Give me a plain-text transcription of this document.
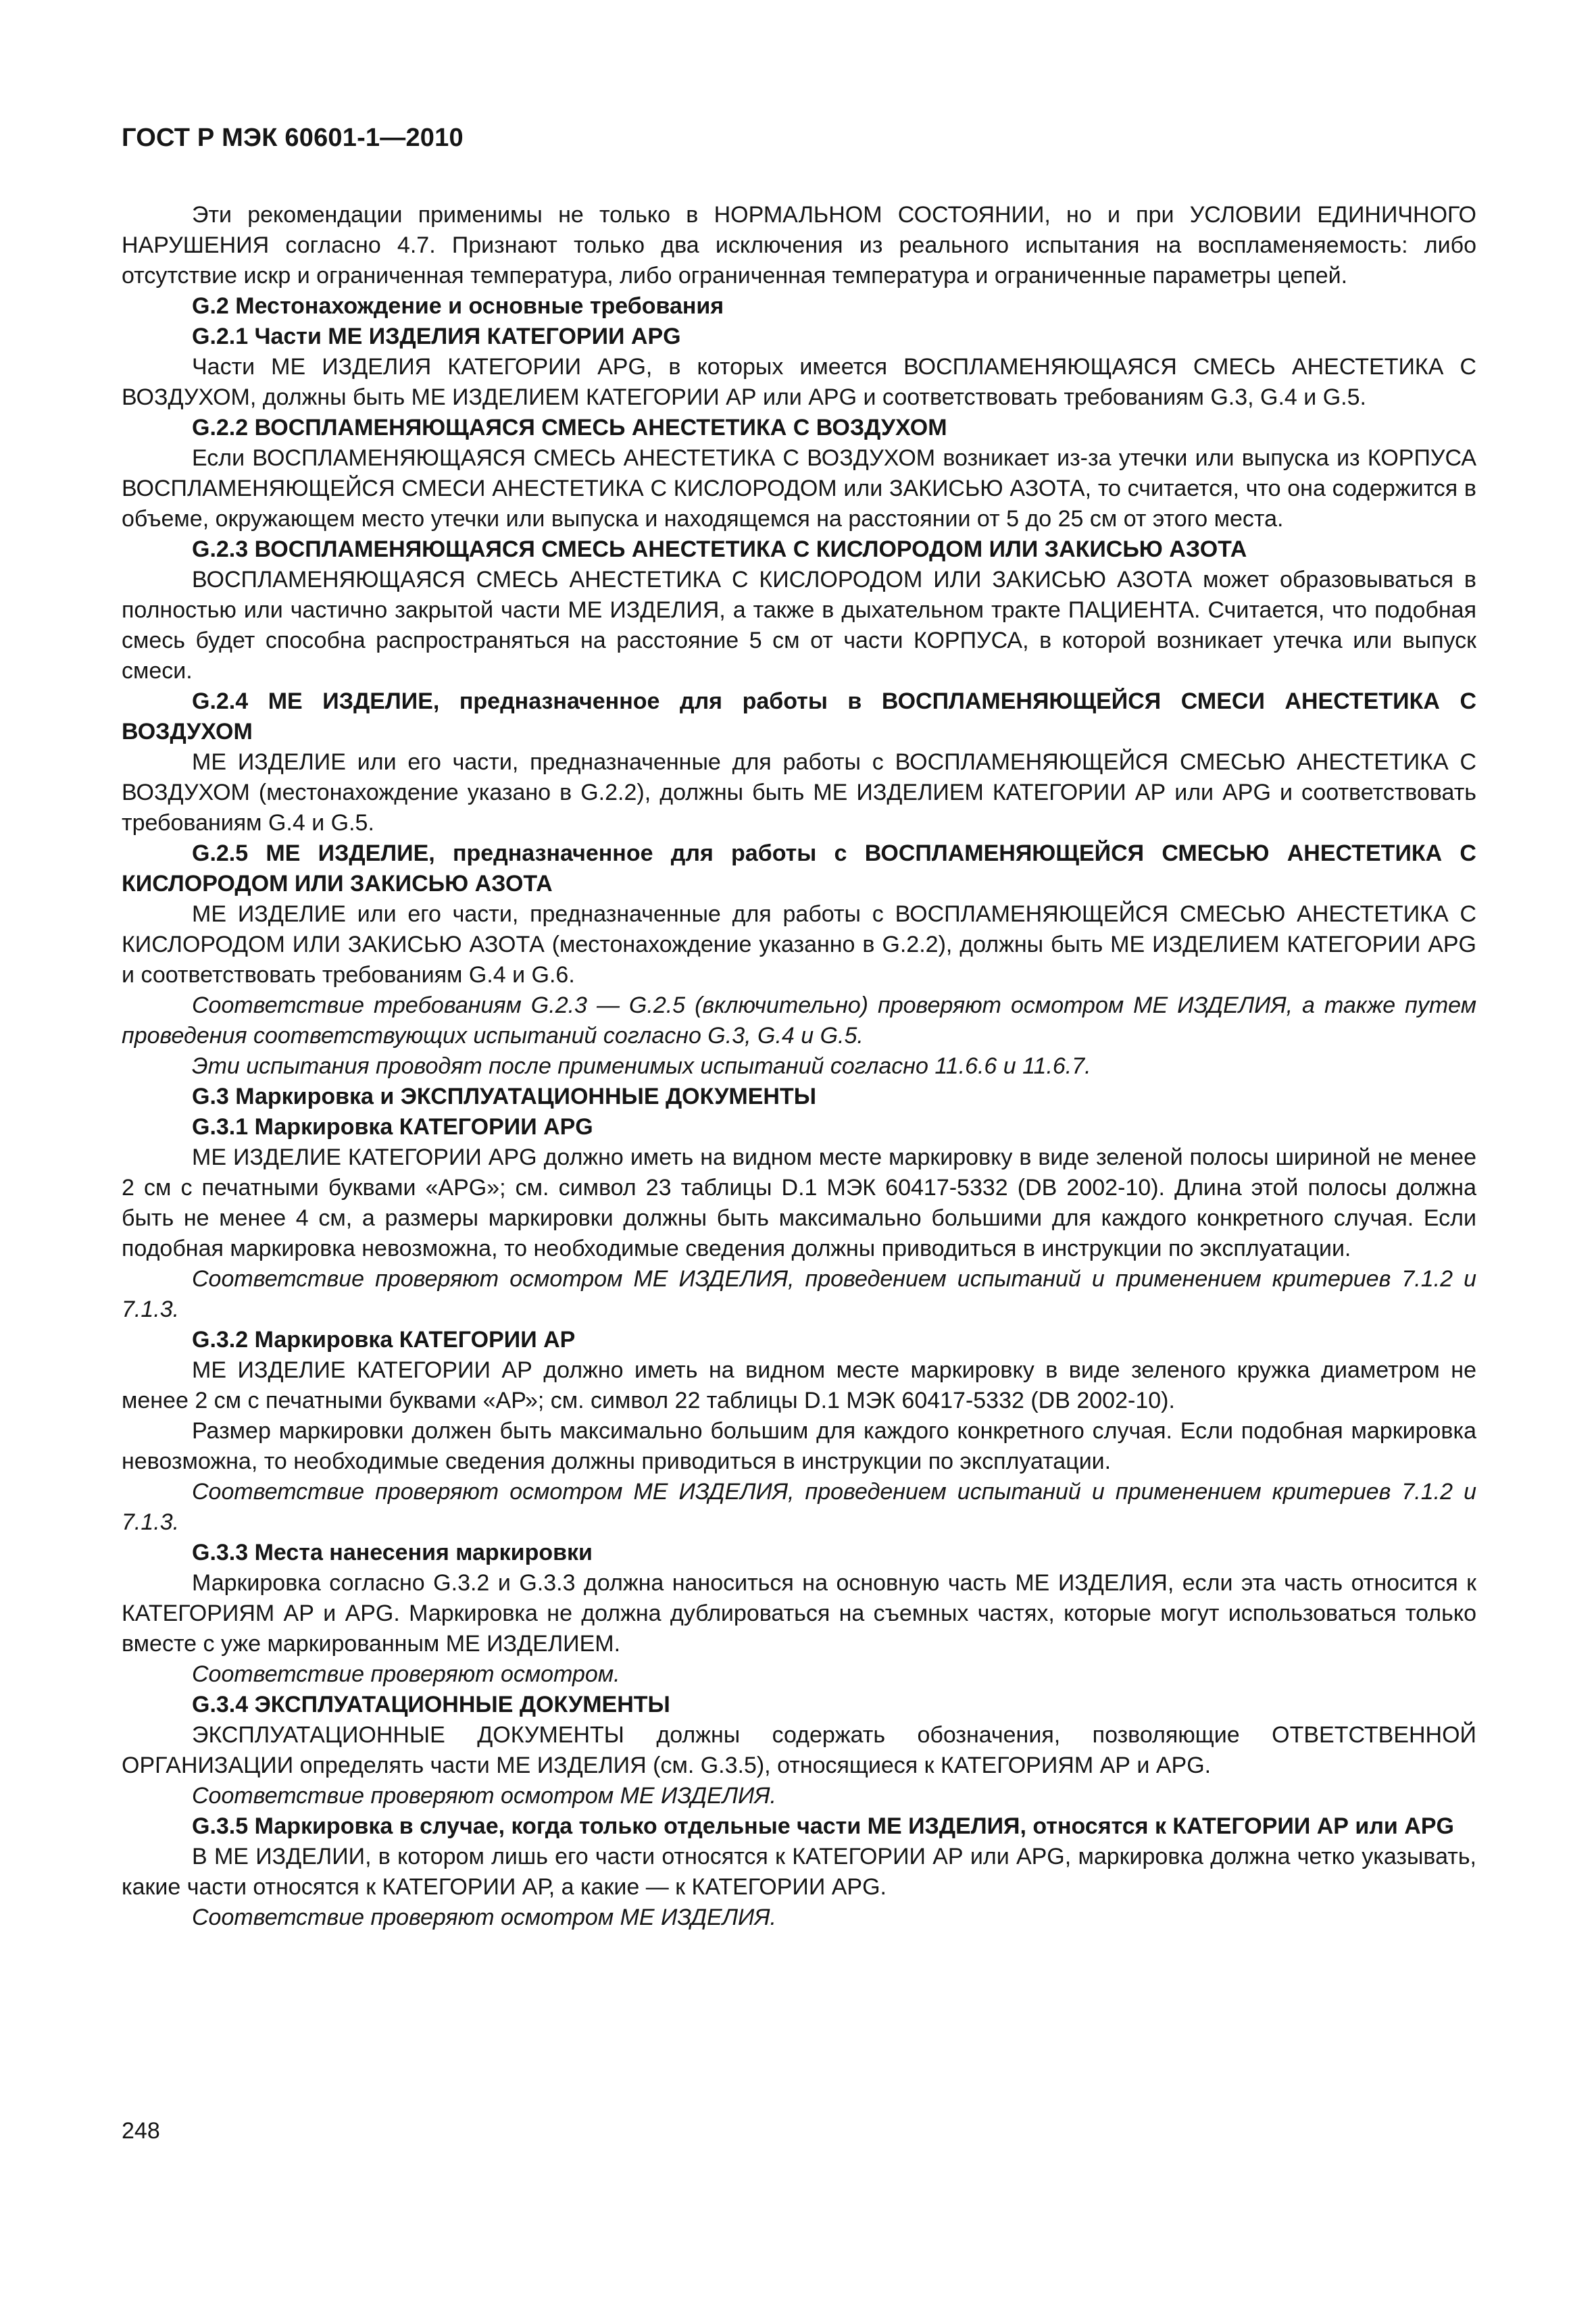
ГОСТ Р МЭК 60601-1—2010

Эти рекомендации применимы не только в НОРМАЛЬНОМ СОСТОЯНИИ, но и при УСЛОВИИ ЕДИНИЧНОГО НАРУШЕНИЯ согласно 4.7. Признают только два исключения из реального испытания на воспламеняемость: либо отсутствие искр и ограниченная температура, либо ограниченная температура и ограниченные параметры цепей.

G.2 Местонахождение и основные требования

G.2.1 Части МЕ ИЗДЕЛИЯ КАТЕГОРИИ APG

Части МЕ ИЗДЕЛИЯ КАТЕГОРИИ APG, в которых имеется ВОСПЛАМЕНЯЮЩАЯСЯ СМЕСЬ АНЕСТЕТИКА С ВОЗДУХОМ, должны быть МЕ ИЗДЕЛИЕМ КАТЕГОРИИ АР или APG и соответствовать требованиям G.3, G.4 и G.5.

G.2.2 ВОСПЛАМЕНЯЮЩАЯСЯ СМЕСЬ АНЕСТЕТИКА С ВОЗДУХОМ

Если ВОСПЛАМЕНЯЮЩАЯСЯ СМЕСЬ АНЕСТЕТИКА С ВОЗДУХОМ возникает из-за утечки или выпуска из КОРПУСА ВОСПЛАМЕНЯЮЩЕЙСЯ СМЕСИ АНЕСТЕТИКА С КИСЛОРОДОМ или ЗАКИСЬЮ АЗОТА, то считается, что она содержится в объеме, окружающем место утечки или выпуска и находящемся на расстоянии от 5 до 25 см от этого места.

G.2.3 ВОСПЛАМЕНЯЮЩАЯСЯ СМЕСЬ АНЕСТЕТИКА С КИСЛОРОДОМ ИЛИ ЗАКИСЬЮ АЗОТА

ВОСПЛАМЕНЯЮЩАЯСЯ СМЕСЬ АНЕСТЕТИКА С КИСЛОРОДОМ ИЛИ ЗАКИСЬЮ АЗОТА может образовываться в полностью или частично закрытой части МЕ ИЗДЕЛИЯ, а также в дыхательном тракте ПАЦИЕНТА. Считается, что подобная смесь будет способна распространяться на расстояние 5 см от части КОРПУСА, в которой возникает утечка или выпуск смеси.

G.2.4 МЕ ИЗДЕЛИЕ, предназначенное для работы в ВОСПЛАМЕНЯЮЩЕЙСЯ СМЕСИ АНЕСТЕТИКА С ВОЗДУХОМ

МЕ ИЗДЕЛИЕ или его части, предназначенные для работы с ВОСПЛАМЕНЯЮЩЕЙСЯ СМЕСЬЮ АНЕСТЕТИКА С ВОЗДУХОМ (местонахождение указано в G.2.2), должны быть МЕ ИЗДЕЛИЕМ КАТЕГОРИИ АР или APG и соответствовать требованиям G.4 и G.5.

G.2.5 МЕ ИЗДЕЛИЕ, предназначенное для работы с ВОСПЛАМЕНЯЮЩЕЙСЯ СМЕСЬЮ АНЕСТЕТИКА С КИСЛОРОДОМ ИЛИ ЗАКИСЬЮ АЗОТА

МЕ ИЗДЕЛИЕ или его части, предназначенные для работы с ВОСПЛАМЕНЯЮЩЕЙСЯ СМЕСЬЮ АНЕСТЕТИКА С КИСЛОРОДОМ ИЛИ ЗАКИСЬЮ АЗОТА (местонахождение указанно в G.2.2), должны быть МЕ ИЗДЕЛИЕМ КАТЕГОРИИ APG и соответствовать требованиям G.4 и G.6.

Соответствие требованиям G.2.3 — G.2.5 (включительно) проверяют осмотром МЕ ИЗДЕЛИЯ, а также путем проведения соответствующих испытаний согласно G.3, G.4 и G.5.

Эти испытания проводят после применимых испытаний согласно 11.6.6 и 11.6.7.

G.3 Маркировка и ЭКСПЛУАТАЦИОННЫЕ ДОКУМЕНТЫ

G.3.1 Маркировка КАТЕГОРИИ APG

МЕ ИЗДЕЛИЕ КАТЕГОРИИ APG должно иметь на видном месте маркировку в виде зеленой полосы шириной не менее 2 см с печатными буквами «APG»; см. символ 23 таблицы D.1 МЭК 60417-5332 (DB 2002-10). Длина этой полосы должна быть не менее 4 см, а размеры маркировки должны быть максимально большими для каждого конкретного случая. Если подобная маркировка невозможна, то необходимые сведения должны приводиться в инструкции по эксплуатации.

Соответствие проверяют осмотром МЕ ИЗДЕЛИЯ, проведением испытаний и применением критериев 7.1.2 и 7.1.3.

G.3.2 Маркировка КАТЕГОРИИ АР

МЕ ИЗДЕЛИЕ КАТЕГОРИИ АР должно иметь на видном месте маркировку в виде зеленого кружка диаметром не менее 2 см с печатными буквами «АР»; см. символ 22 таблицы D.1 МЭК 60417-5332 (DB 2002-10).

Размер маркировки должен быть максимально большим для каждого конкретного случая. Если подобная маркировка невозможна, то необходимые сведения должны приводиться в инструкции по эксплуатации.

Соответствие проверяют осмотром МЕ ИЗДЕЛИЯ, проведением испытаний и применением критериев 7.1.2 и 7.1.3.

G.3.3 Места нанесения маркировки

Маркировка согласно G.3.2 и G.3.3 должна наноситься на основную часть МЕ ИЗДЕЛИЯ, если эта часть относится к КАТЕГОРИЯМ АР и APG. Маркировка не должна дублироваться на съемных частях, которые могут использоваться только вместе с уже маркированным МЕ ИЗДЕЛИЕМ.

Соответствие проверяют осмотром.

G.3.4 ЭКСПЛУАТАЦИОННЫЕ ДОКУМЕНТЫ

ЭКСПЛУАТАЦИОННЫЕ ДОКУМЕНТЫ должны содержать обозначения, позволяющие ОТВЕТСТВЕННОЙ ОРГАНИЗАЦИИ определять части МЕ ИЗДЕЛИЯ (см. G.3.5), относящиеся к КАТЕГОРИЯМ АР и APG.

Соответствие проверяют осмотром МЕ ИЗДЕЛИЯ.

G.3.5 Маркировка в случае, когда только отдельные части МЕ ИЗДЕЛИЯ, относятся к КАТЕГОРИИ АР или APG

В МЕ ИЗДЕЛИИ, в котором лишь его части относятся к КАТЕГОРИИ АР или APG, маркировка должна четко указывать, какие части относятся к КАТЕГОРИИ АР, а какие — к КАТЕГОРИИ APG.

Соответствие проверяют осмотром МЕ ИЗДЕЛИЯ.

248
